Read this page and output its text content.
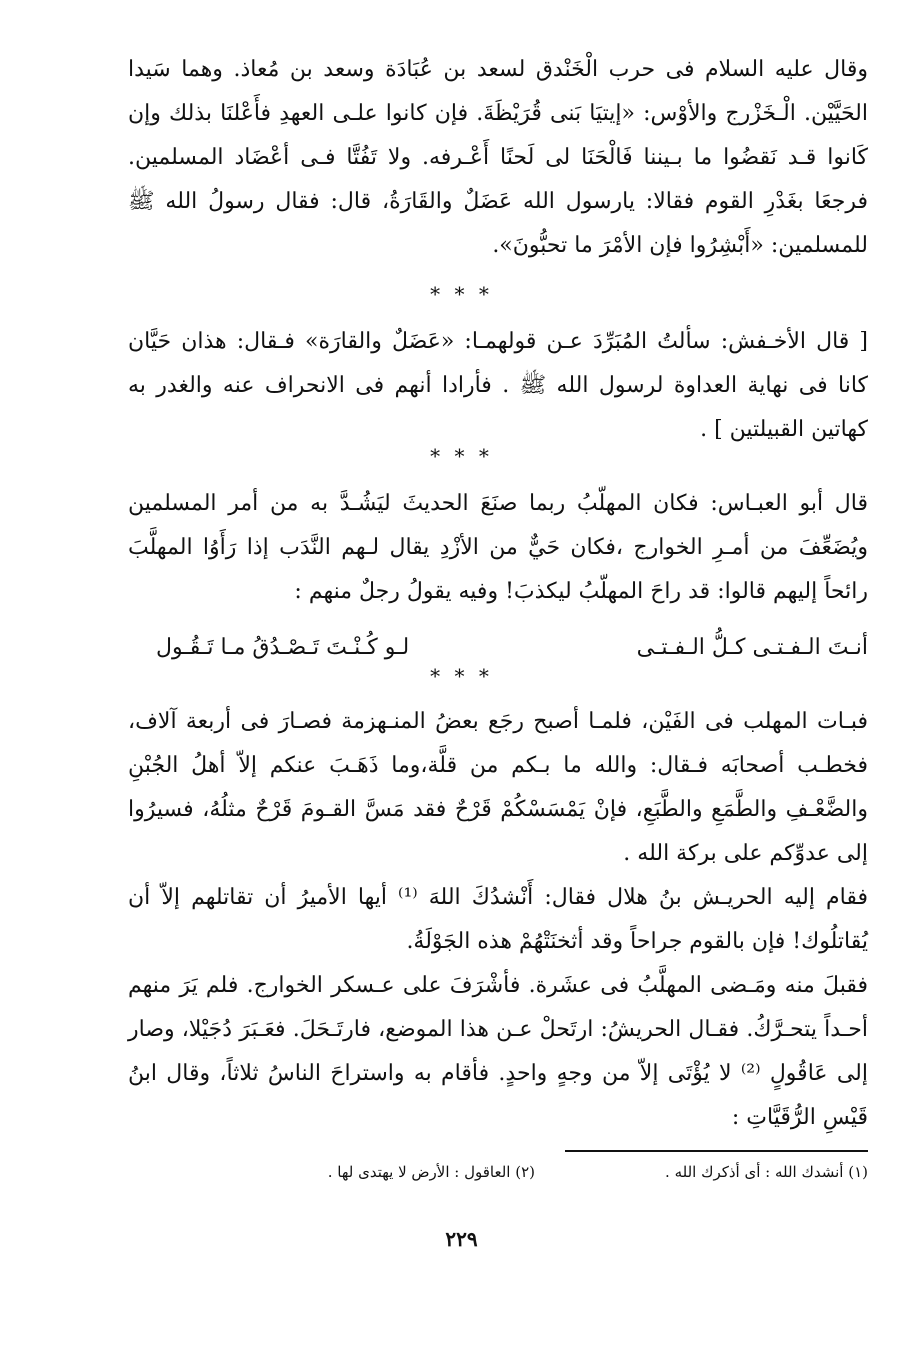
وقال عليه السلام فى حرب الْخَنْدق لسعد بن عُبَادَة وسعد بن مُعاذ. وهما سَيدا الحَيَّيْن. الْـخَزْرج والأوْس: «إيتيَا بَنى قُرَيْظَةَ. فإن كانوا علـى العهدِ فأَعْلنَا بذلك وإن كَانوا قـد نَقضُوا ما بـيننا فَالْحَنَا لى لَحنًا أَعْـرفه. ولا تَفُتَّا فـى أعْضَاد المسلمين. فرجعَا بغَدْرِ القوم فقالا: يارسول الله عَضَلٌ والقَارَةُ، قال: فقال رسولُ الله ﷺ للمسلمين: «أَبْشِرُوا فإن الأمْرَ ما تحبُّونَ».

* * *

[ قال الأخـفش: سألتُ المُبَرِّدَ عـن قولهمـا: «عَضَلٌ والقارَة» فـقال: هذان حَيَّان كانا فى نهاية العداوة لرسول الله ﷺ . فأرادا أنهم فى الانحراف عنه والغدر به كهاتين القبيلتين ] .

* * *

قال أبو العبـاس: فكان المهلّبُ ربما صنَعَ الحديثَ ليَشُـدَّ به من أمر المسلمين ويُضَعِّفَ من أمـرِ الخوارج ،فكان حَيٌّ من الأزْدِ يقال لـهم النَّدَب إذا رَأَوُا المهلَّبَ رائحاً إليهم قالوا: قد راحَ المهلّبُ ليكذبَ! وفيه يقولُ رجلٌ منهم :

أنـتَ الـفـتـى كـلُّ الـفـتـى
لـو كُـنْـتَ تَـصْـدُقُ مـا تَـقُـول

* * *

فبـات المهلب فى الفَيْن، فلمـا أصبح رجَع بعضُ المنـهزمة فصـارَ فى أربعة آلاف، فخطـب أصحابَه فـقال: والله ما بـكم من قلَّة،وما ذَهَـبَ عنكم إلاّ أهلُ الجُبْنِ والضَّعْـفِ والطَّمَعِ والطَّبَعِ، فإنْ يَمْسَسْكُمْ قَرْحٌ فقد مَسَّ القـومَ قَرْحٌ مثلُهُ، فسيرُوا إلى عدوِّكم على بركة الله .

فقام إليه الحريـش بنُ هلال فقال: أَنْشدُكَ اللهَ ⁽¹⁾ أيها الأميرُ أن تقاتلهم إلاّ أن يُقاتلُوك! فإن بالقوم جراحاً وقد أثخنَتْهُمْ هذه الجَوْلَةُ.

فقبلَ منه ومَـضى المهلَّبُ فى عشَرة. فأشْرَفَ على عـسكر الخوارج. فلم يَرَ منهم أحـداً يتحـرَّكُ. فقـال الحريشُ: ارتَحلْ عـن هذا الموضع، فارتَـحَلَ. فعَـبَرَ دُجَيْلا، وصار إلى عَاقُولٍ ⁽²⁾ لا يُؤْتَى إلاّ من وجهٍ واحدٍ. فأقام به واستراحَ الناسُ ثلاثاً، وقال ابنُ قَيْسِ الرُّقَيَّاتِ :

(١) أنشدك الله : أى أذكرك الله .
(٢) العاقول : الأرض لا يهتدى لها .
٢٢٩
